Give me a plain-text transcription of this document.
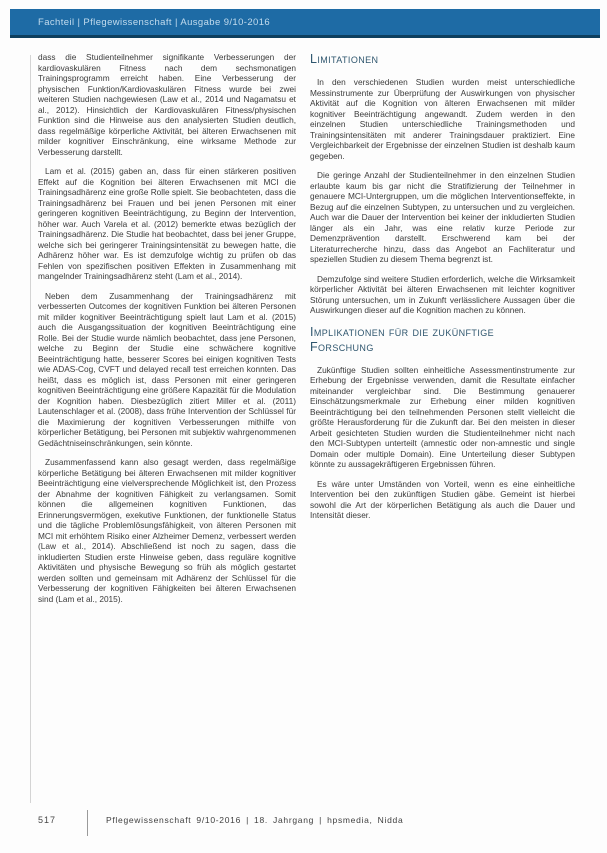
Fachteil | Pflegewissenschaft | Ausgabe 9/10-2016

dass die Studienteilnehmer signifikante Verbesserungen der kardiovaskulären Fitness nach dem sechsmonatigen Trainingsprogramm erreicht haben. Eine Verbesserung der physischen Funktion/Kardiovaskulären Fitness wurde bei zwei weiteren Studien nachgewiesen (Law et al., 2014 und Nagamatsu et al., 2012). Hinsichtlich der Kardiovaskulären Fitness/physischen Funktion sind die Hinweise aus den analysierten Studien deutlich, dass regelmäßige körperliche Aktivität, bei älteren Erwachsenen mit milder kognitiver Einschränkung, eine wirksame Methode zur Verbesserung darstellt.

Lam et al. (2015) gaben an, dass für einen stärkeren positiven Effekt auf die Kognition bei älteren Erwachsenen mit MCI die Trainingsadhärenz eine große Rolle spielt. Sie beobachteten, dass die Trainingsadhärenz bei Frauen und bei jenen Personen mit einer geringeren kognitiven Beeinträchtigung, zu Beginn der Intervention, höher war. Auch Varela et al. (2012) bemerkte etwas bezüglich der Trainingsadhärenz. Die Studie hat beobachtet, dass bei jener Gruppe, welche sich bei geringerer Trainingsintensität zu bewegen hatte, die Adhärenz höher war. Es ist demzufolge wichtig zu prüfen ob das Fehlen von spezifischen positiven Effekten in Zusammenhang mit mangelnder Trainingsadhärenz steht (Lam et al., 2014).

Neben dem Zusammenhang der Trainingsadhärenz mit verbesserten Outcomes der kognitiven Funktion bei älteren Personen mit milder kognitiver Beeinträchtigung spielt laut Lam et al. (2015) auch die Ausgangssituation der kognitiven Beeinträchtigung eine Rolle. Bei der Studie wurde nämlich beobachtet, dass jene Personen, welche zu Beginn der Studie eine schwächere kognitive Beeinträchtigung hatte, besserer Scores bei einigen kognitiven Tests wie ADAS-Cog, CVFT und delayed recall test erreichen konnten. Das heißt, dass es möglich ist, dass Personen mit einer geringeren kognitiven Beeinträchtigung eine größere Kapazität für die Modulation der Kognition haben. Diesbezüglich zitiert Miller et al. (2011) Lautenschlager et al. (2008), dass frühe Intervention der Schlüssel für die Maximierung der kognitiven Verbesserungen mithilfe von körperlicher Betätigung, bei Personen mit subjektiv wahrgenommenen Gedächtniseinschränkungen, sein könnte.

Zusammenfassend kann also gesagt werden, dass regelmäßige körperliche Betätigung bei älteren Erwachsenen mit milder kognitiver Beeinträchtigung eine vielversprechende Möglichkeit ist, den Prozess der Abnahme der kognitiven Fähigkeit zu verlangsamen. Somit können die allgemeinen kognitiven Funktionen, das Erinnerungsvermögen, exekutive Funktionen, der funktionelle Status und die tägliche Problemlösungsfähigkeit, von älteren Personen mit MCI mit erhöhtem Risiko einer Alzheimer Demenz, verbessert werden (Law et al., 2014). Abschließend ist noch zu sagen, dass die inkludierten Studien erste Hinweise geben, dass reguläre kognitive Aktivitäten und physische Bewegung so früh als möglich gestartet werden sollten und gemeinsam mit Adhärenz der Schlüssel für die Verbesserung der kognitiven Fähigkeiten bei älteren Erwachsenen sind (Lam et al., 2015).

Limitationen

In den verschiedenen Studien wurden meist unterschiedliche Messinstrumente zur Überprüfung der Auswirkungen von physischer Aktivität auf die Kognition von älteren Erwachsenen mit milder kognitiver Beeinträchtigung angewandt. Zudem werden in den einzelnen Studien unterschiedliche Trainingsmethoden und Trainingsintensitäten mit anderer Trainingsdauer praktiziert. Eine Vergleichbarkeit der Ergebnisse der einzelnen Studien ist deshalb kaum gegeben.

Die geringe Anzahl der Studienteilnehmer in den einzelnen Studien erlaubte kaum bis gar nicht die Stratifizierung der Teilnehmer in genauere MCI-Untergruppen, um die möglichen Interventionseffekte, in Bezug auf die einzelnen Subtypen, zu untersuchen und zu vergleichen. Auch war die Dauer der Intervention bei keiner der inkludierten Studien länger als ein Jahr, was eine relativ kurze Periode zur Demenzprävention darstellt. Erschwerend kam bei der Literaturrecherche hinzu, dass das Angebot an Fachliteratur und speziellen Studien zu diesem Thema begrenzt ist.

Demzufolge sind weitere Studien erforderlich, welche die Wirksamkeit körperlicher Aktivität bei älteren Erwachsenen mit leichter kognitiver Störung untersuchen, um in Zukunft verlässlichere Aussagen über die Auswirkungen dieser auf die Kognition machen zu können.

Implikationen für die zukünftige Forschung

Zukünftige Studien sollten einheitliche Assessmentinstrumente zur Erhebung der Ergebnisse verwenden, damit die Resultate einfacher miteinander vergleichbar sind. Die Bestimmung genauerer Einschätzungsmerkmale zur Erhebung einer milden kognitiven Beeinträchtigung bei den teilnehmenden Personen stellt vielleicht die größte Herausforderung für die Zukunft dar. Bei den meisten in dieser Arbeit gesichteten Studien wurden die Studienteilnehmer nicht nach den MCI-Subtypen unterteilt (amnestic oder non-amnestic und single Domain oder multiple Domain). Eine Unterteilung dieser Subtypen könnte zu aussagekräftigeren Ergebnissen führen.

Es wäre unter Umständen von Vorteil, wenn es eine einheitliche Intervention bei den zukünftigen Studien gäbe. Gemeint ist hierbei sowohl die Art der körperlichen Betätigung als auch die Dauer und Intensität dieser.

517	Pflegewissenschaft 9/10-2016 | 18. Jahrgang | hpsmedia, Nidda
